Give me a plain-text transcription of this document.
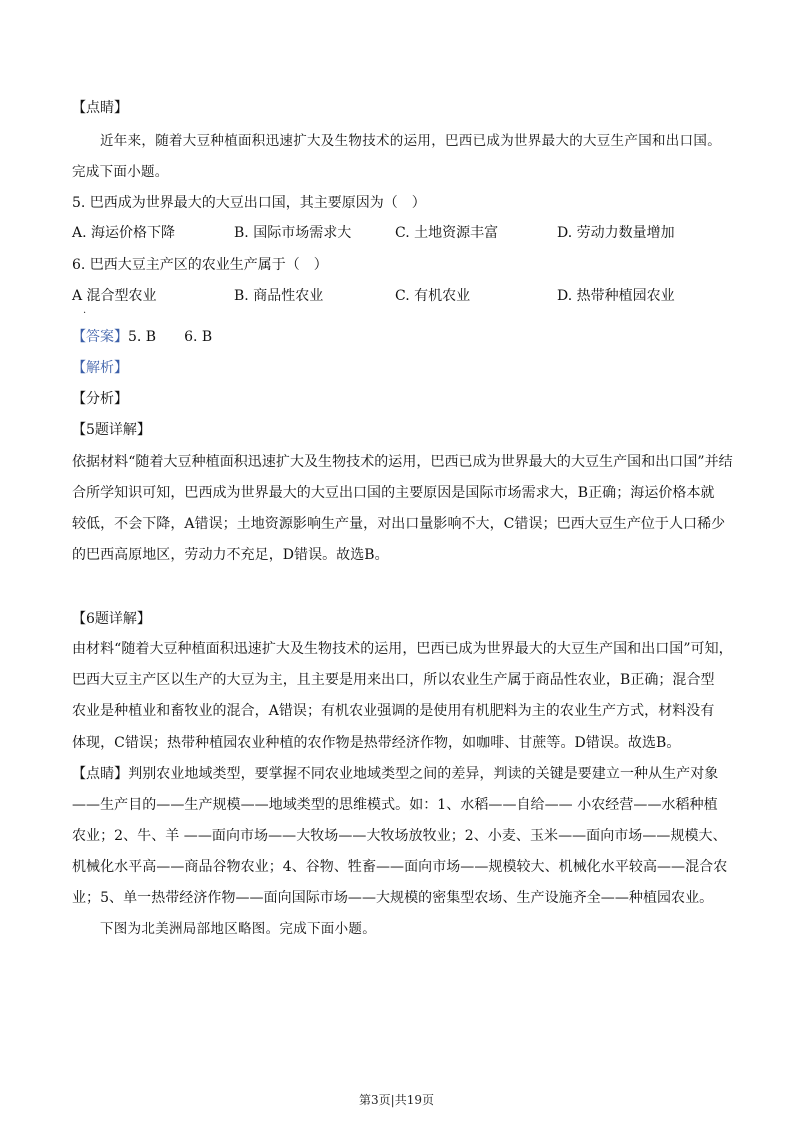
【点睛】
近年来，随着大豆种植面积迅速扩大及生物技术的运用，巴西已成为世界最大的大豆生产国和出口国。
完成下面小题。
5. 巴西成为世界最大的大豆出口国，其主要原因为（　）
A. 海运价格下降	B. 国际市场需求大	C. 土地资源丰富	D. 劳动力数量增加
6. 巴西大豆主产区的农业生产属于（　）
A 混合型农业	B. 商品性农业	C. 有机农业	D. 热带种植园农业
·
【答案】5. B　　6. B
【解析】
【分析】
【5题详解】
依据材料“随着大豆种植面积迅速扩大及生物技术的运用，巴西已成为世界最大的大豆生产国和出口国”并结
合所学知识可知，巴西成为世界最大的大豆出口国的主要原因是国际市场需求大，B正确；海运价格本就
较低，不会下降，A错误；土地资源影响生产量，对出口量影响不大，C错误；巴西大豆生产位于人口稀少
的巴西高原地区，劳动力不充足，D错误。故选B。
【6题详解】
由材料“随着大豆种植面积迅速扩大及生物技术的运用，巴西已成为世界最大的大豆生产国和出口国”可知，
巴西大豆主产区以生产的大豆为主，且主要是用来出口，所以农业生产属于商品性农业，B正确；混合型
农业是种植业和畜牧业的混合，A错误；有机农业强调的是使用有机肥料为主的农业生产方式，材料没有
体现，C错误；热带种植园农业种植的农作物是热带经济作物，如咖啡、甘蔗等。D错误。故选B。
【点睛】判别农业地域类型，要掌握不同农业地域类型之间的差异，判读的关键是要建立一种从生产对象
——生产目的——生产规模——地域类型的思维模式。如：1、水稻——自给—— 小农经营——水稻种植
农业；2、牛、羊 ——面向市场——大牧场——大牧场放牧业；2、小麦、玉米——面向市场——规模大、
机械化水平高——商品谷物农业；4、谷物、牲畜——面向市场——规模较大、机械化水平较高——混合农
业；5、单一热带经济作物——面向国际市场——大规模的密集型农场、生产设施齐全——种植园农业。
下图为北美洲局部地区略图。完成下面小题。
第3页|共19页
